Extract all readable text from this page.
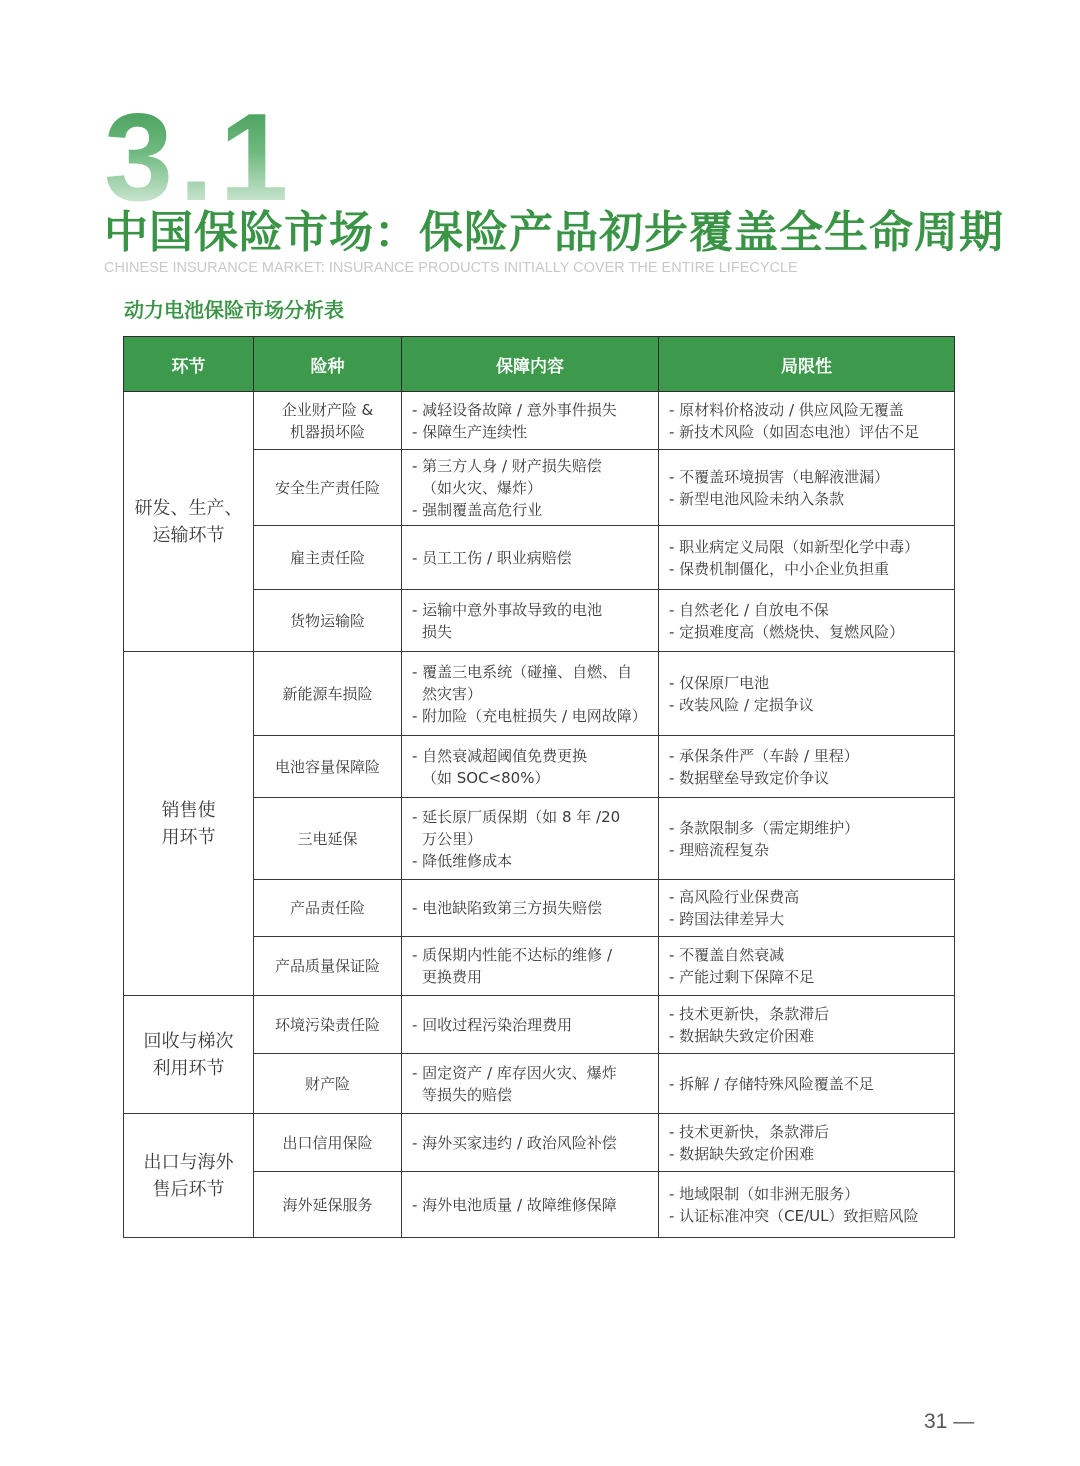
3.1
中国保险市场：保险产品初步覆盖全生命周期
CHINESE INSURANCE MARKET: INSURANCE PRODUCTS INITIALLY COVER THE ENTIRE LIFECYCLE
动力电池保险市场分析表
环节	险种	保障内容	局限性

研发、生产、
运输环节	企业财产险 &
机器损坏险	- 减轻设备故障 / 意外事件损失
- 保障生产连续性	- 原材料价格波动 / 供应风险无覆盖
- 新技术风险（如固态电池）评估不足

	安全生产责任险	- 第三方人身 / 财产损失赔偿
（如火灾、爆炸）
- 强制覆盖高危行业	- 不覆盖环境损害（电解液泄漏）
- 新型电池风险未纳入条款

	雇主责任险	- 员工工伤 / 职业病赔偿	- 职业病定义局限（如新型化学中毒）
- 保费机制僵化，中小企业负担重

	货物运输险	- 运输中意外事故导致的电池
损失	- 自然老化 / 自放电不保
- 定损难度高（燃烧快、复燃风险）

销售使
用环节	新能源车损险	- 覆盖三电系统（碰撞、自燃、自
然灾害）
- 附加险（充电桩损失 / 电网故障）	- 仅保原厂电池
- 改装风险 / 定损争议

	电池容量保障险	- 自然衰减超阈值免费更换
（如 SOC<80%）	- 承保条件严（车龄 / 里程）
- 数据壁垒导致定价争议

	三电延保	- 延长原厂质保期（如 8 年 /20
万公里）
- 降低维修成本	- 条款限制多（需定期维护）
- 理赔流程复杂

	产品责任险	- 电池缺陷致第三方损失赔偿	- 高风险行业保费高
- 跨国法律差异大

	产品质量保证险	- 质保期内性能不达标的维修 /
更换费用	- 不覆盖自然衰减
- 产能过剩下保障不足

回收与梯次
利用环节	环境污染责任险	- 回收过程污染治理费用	- 技术更新快，条款滞后
- 数据缺失致定价困难

	财产险	- 固定资产 / 库存因火灾、爆炸
等损失的赔偿	- 拆解 / 存储特殊风险覆盖不足

出口与海外
售后环节	出口信用保险	- 海外买家违约 / 政治风险补偿	- 技术更新快，条款滞后
- 数据缺失致定价困难

	海外延保服务	- 海外电池质量 / 故障维修保障	- 地域限制（如非洲无服务）
- 认证标准冲突（CE/UL）致拒赔风险
31 —
